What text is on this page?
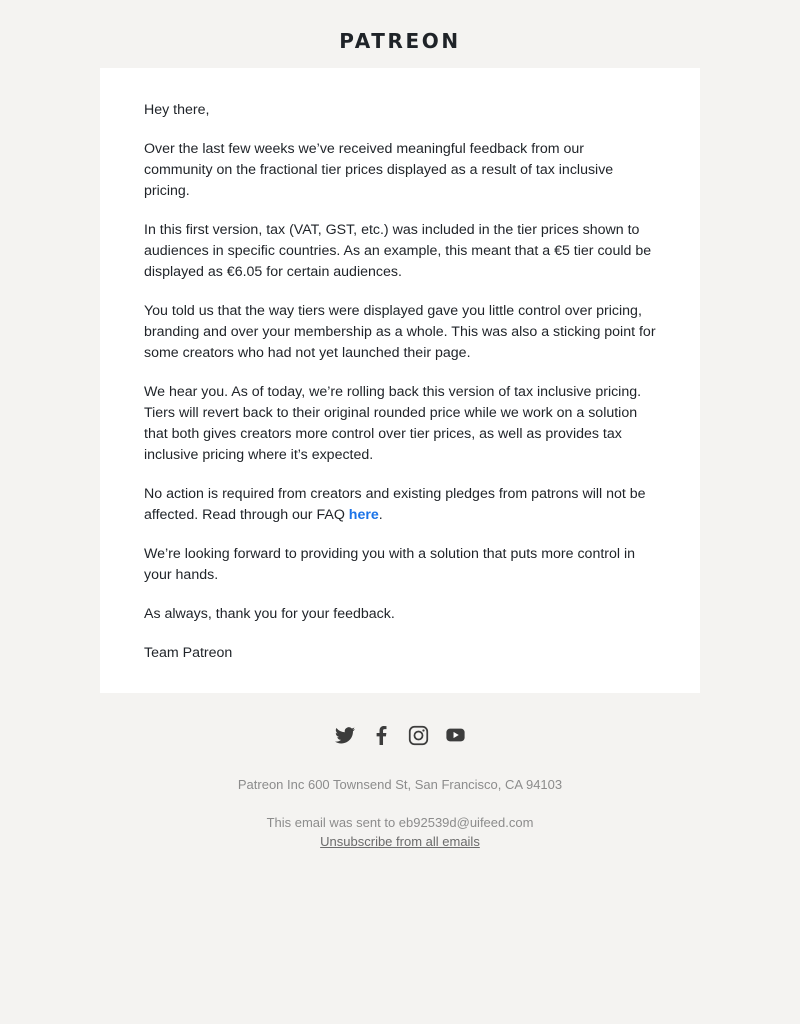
PATREON

Hey there,

Over the last few weeks we’ve received meaningful feedback from our community on the fractional tier prices displayed as a result of tax inclusive pricing.

In this first version, tax (VAT, GST, etc.) was included in the tier prices shown to audiences in specific countries. As an example, this meant that a €5 tier could be displayed as €6.05 for certain audiences.

You told us that the way tiers were displayed gave you little control over pricing, branding and over your membership as a whole. This was also a sticking point for some creators who had not yet launched their page.

We hear you. As of today, we’re rolling back this version of tax inclusive pricing. Tiers will revert back to their original rounded price while we work on a solution that both gives creators more control over tier prices, as well as provides tax inclusive pricing where it’s expected.

No action is required from creators and existing pledges from patrons will not be affected. Read through our FAQ here.

We’re looking forward to providing you with a solution that puts more control in your hands.

As always, thank you for your feedback.

Team Patreon

Patreon Inc 600 Townsend St, San Francisco, CA 94103
This email was sent to eb92539d@uifeed.com
Unsubscribe from all emails
